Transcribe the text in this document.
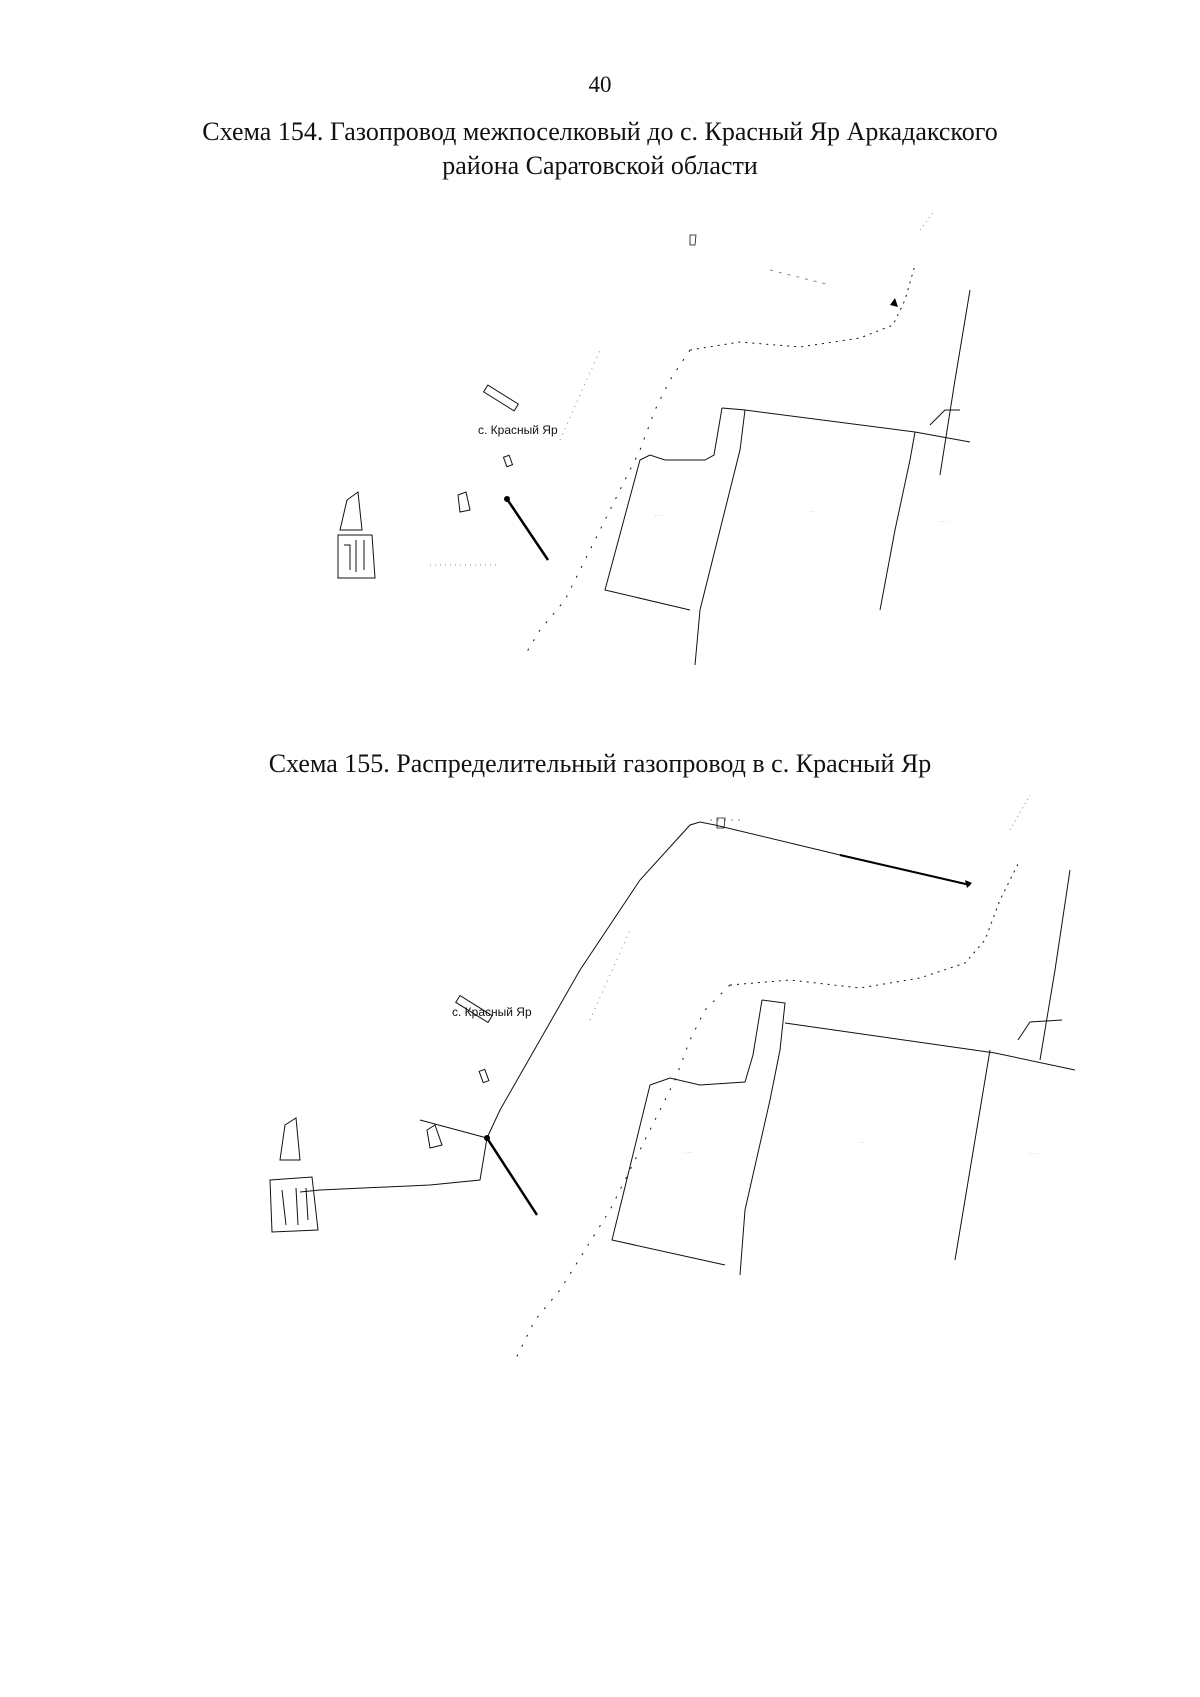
40
Схема 154. Газопровод межпоселковый до с. Красный Яр Аркадакского
района Саратовской области
· · ·
· ·
· · ·
с. Красный Яр
Схема 155. Распределительный газопровод в с. Красный Яр
· · ·
· ·
· · ·
с. Красный Яр
